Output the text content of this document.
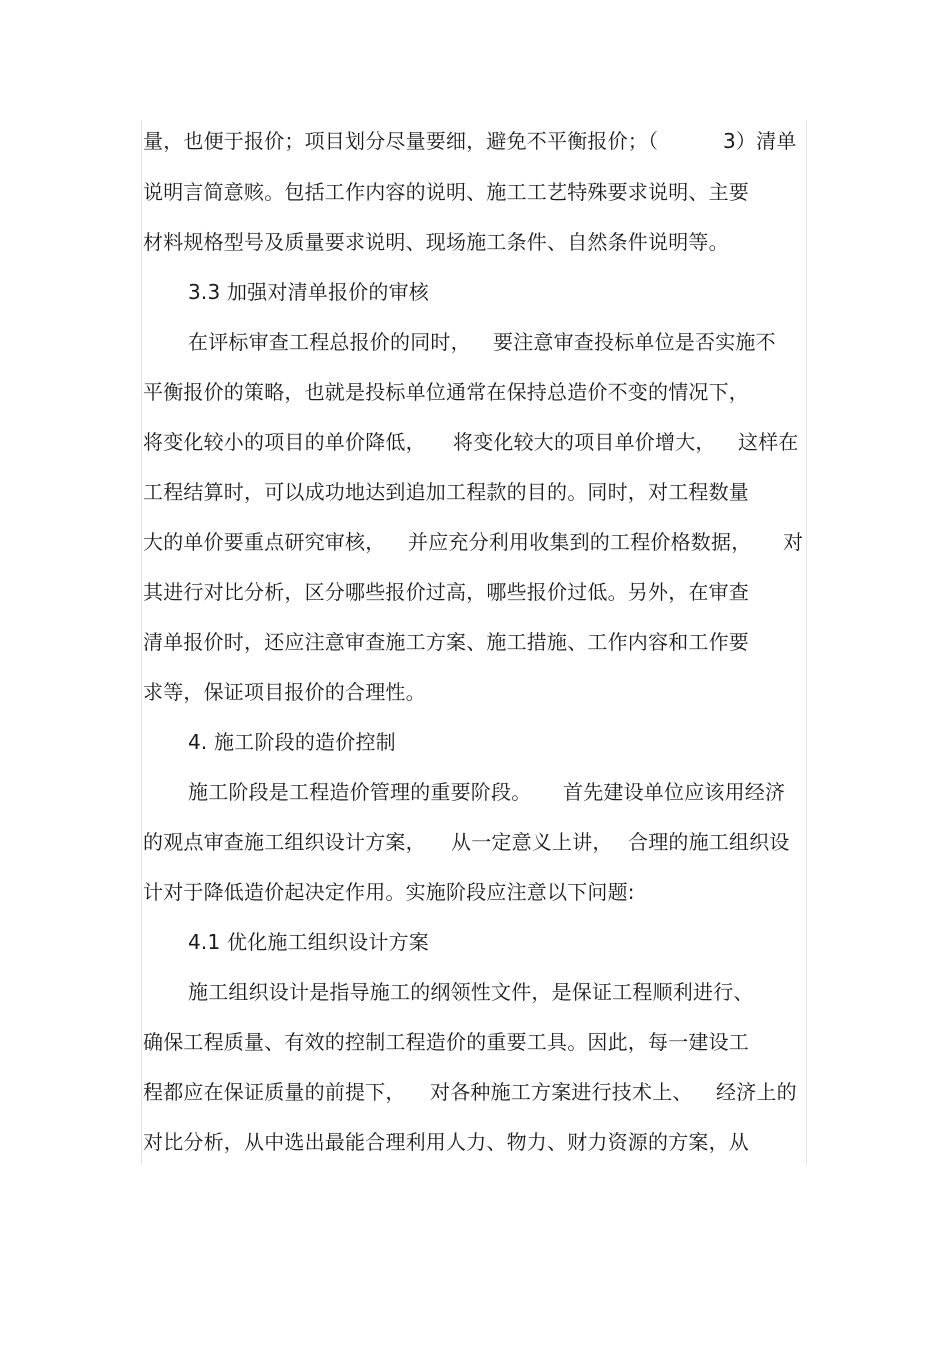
量，也便于报价；项目划分尽量要细，避免不平衡报价；（	3）清单
说明言简意赅。包括工作内容的说明、施工工艺特殊要求说明、主要
材料规格型号及质量要求说明、现场施工条件、自然条件说明等。
3.3 加强对清单报价的审核
在评标审查工程总报价的同时， 要注意审查投标单位是否实施不
平衡报价的策略，也就是投标单位通常在保持总造价不变的情况下，
将变化较小的项目的单价降低， 将变化较大的项目单价增大， 这样在
工程结算时，可以成功地达到追加工程款的目的。同时，对工程数量
大的单价要重点研究审核， 并应充分利用收集到的工程价格数据， 对
其进行对比分析，区分哪些报价过高，哪些报价过低。另外，在审查
清单报价时，还应注意审查施工方案、施工措施、工作内容和工作要
求等，保证项目报价的合理性。
4. 施工阶段的造价控制
施工阶段是工程造价管理的重要阶段。 首先建设单位应该用经济
的观点审查施工组织设计方案， 从一定意义上讲， 合理的施工组织设
计对于降低造价起决定作用。实施阶段应注意以下问题:
4.1 优化施工组织设计方案
施工组织设计是指导施工的纲领性文件，是保证工程顺利进行、
确保工程质量、有效的控制工程造价的重要工具。因此，每一建设工
程都应在保证质量的前提下， 对各种施工方案进行技术上、 经济上的
对比分析，从中选出最能合理利用人力、物力、财力资源的方案，从
